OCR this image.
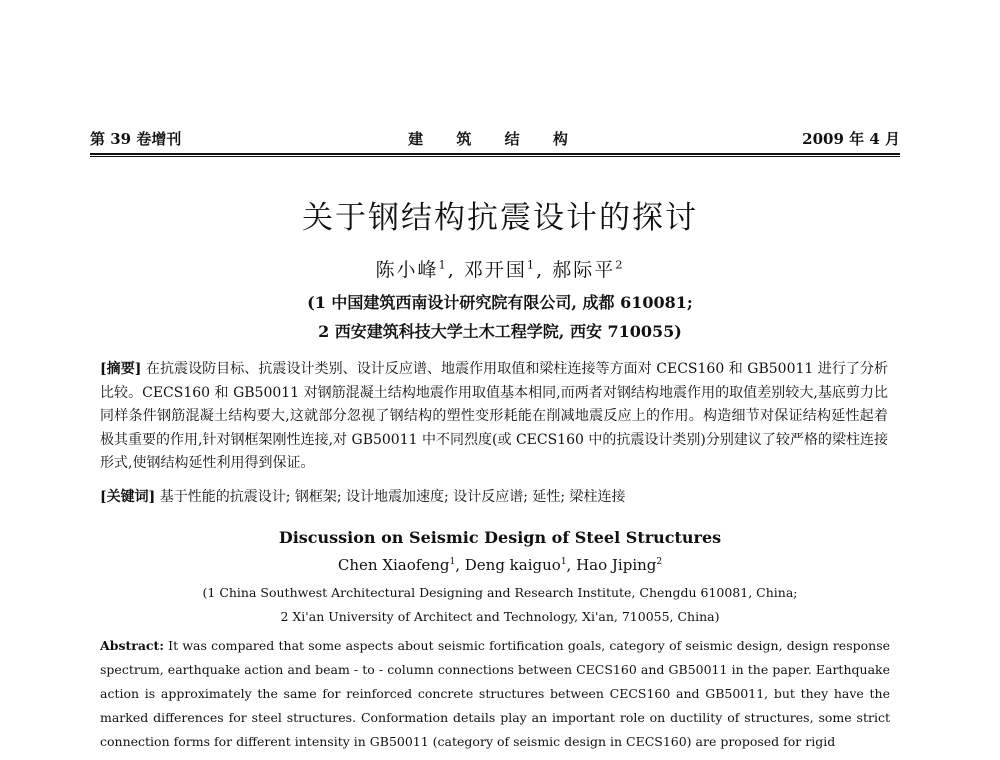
第 39 卷增刊	建 筑 结 构	2009 年 4 月
关于钢结构抗震设计的探讨
陈小峰$^1$, 邓开国$^1$, 郝际平$^2$
(1 中国建筑西南设计研究院有限公司, 成都 610081;
2 西安建筑科技大学土木工程学院, 西安 710055)
[摘要] 在抗震设防目标、抗震设计类别、设计反应谱、地震作用取值和梁柱连接等方面对 CECS160 和 GB50011 进行了分析比较。CECS160 和 GB50011 对钢筋混凝土结构地震作用取值基本相同,而两者对钢结构地震作用的取值差别较大,基底剪力比同样条件钢筋混凝土结构要大,这就部分忽视了钢结构的塑性变形耗能在削减地震反应上的作用。构造细节对保证结构延性起着极其重要的作用,针对钢框架刚性连接,对 GB50011 中不同烈度(或 CECS160 中的抗震设计类别)分别建议了较严格的梁柱连接形式,使钢结构延性利用得到保证。
[关键词] 基于性能的抗震设计; 钢框架; 设计地震加速度; 设计反应谱; 延性; 梁柱连接
Discussion on Seismic Design of Steel Structures
Chen Xiaofeng$^1$, Deng kaiguo$^1$, Hao Jiping$^2$
(1 China Southwest Architectural Designing and Research Institute, Chengdu 610081, China;
2 Xi'an University of Architect and Technology, Xi'an, 710055, China)
Abstract: It was compared that some aspects about seismic fortification goals, category of seismic design, design response spectrum, earthquake action and beam - to - column connections between CECS160 and GB50011 in the paper. Earthquake action is approximately the same for reinforced concrete structures between CECS160 and GB50011, but they have the marked differences for steel structures. Conformation details play an important role on ductility of structures, some strict connection forms for different intensity in GB50011 (category of seismic design in CECS160) are proposed for rigid
